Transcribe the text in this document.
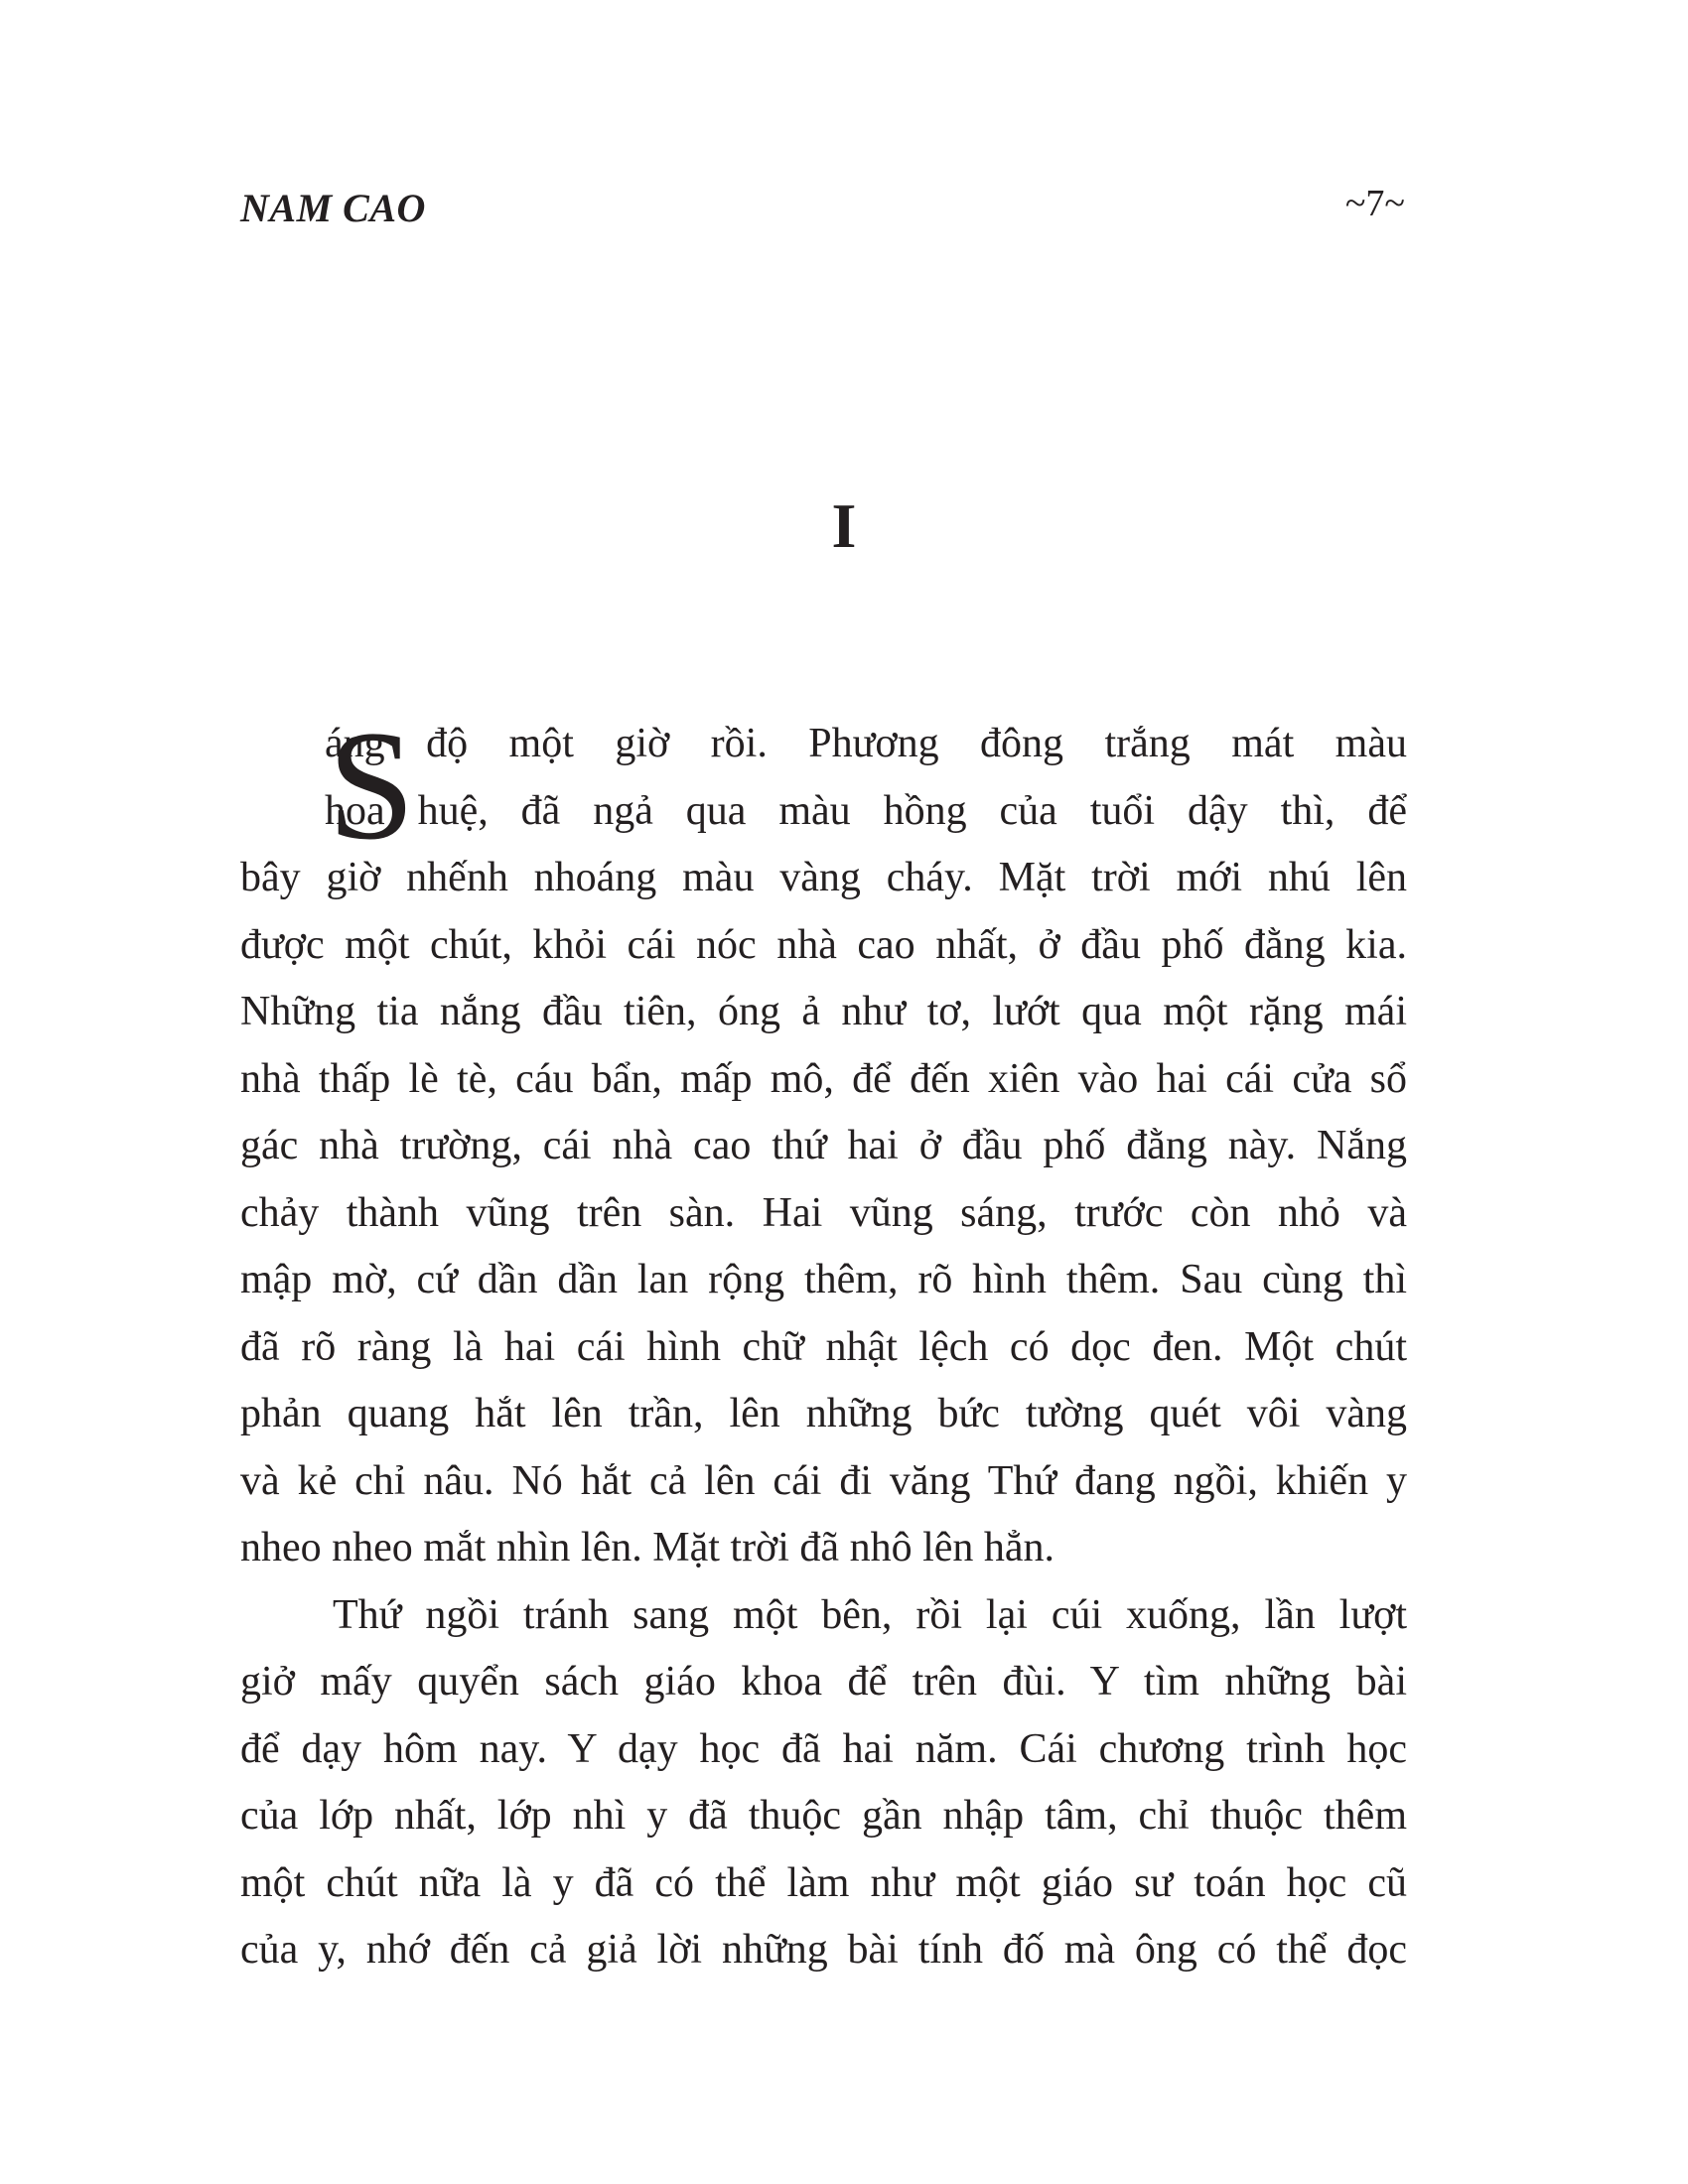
NAM CAO	~7~
I
S
áng độ một giờ rồi. Phương đông trắng mát màu
hoa huệ, đã ngả qua màu hồng của tuổi dậy thì, để
bây giờ nhếnh nhoáng màu vàng cháy. Mặt trời mới nhú lên
được một chút, khỏi cái nóc nhà cao nhất, ở đầu phố đằng kia.
Những tia nắng đầu tiên, óng ả như tơ, lướt qua một rặng mái
nhà thấp lè tè, cáu bẩn, mấp mô, để đến xiên vào hai cái cửa sổ
gác nhà trường, cái nhà cao thứ hai ở đầu phố đằng này. Nắng
chảy thành vũng trên sàn. Hai vũng sáng, trước còn nhỏ và
mập mờ, cứ dần dần lan rộng thêm, rõ hình thêm. Sau cùng thì
đã rõ ràng là hai cái hình chữ nhật lệch có dọc đen. Một chút
phản quang hắt lên trần, lên những bức tường quét vôi vàng
và kẻ chỉ nâu. Nó hắt cả lên cái đi văng Thứ đang ngồi, khiến y
nheo nheo mắt nhìn lên. Mặt trời đã nhô lên hẳn.
Thứ ngồi tránh sang một bên, rồi lại cúi xuống, lần lượt
giở mấy quyển sách giáo khoa để trên đùi. Y tìm những bài
để dạy hôm nay. Y dạy học đã hai năm. Cái chương trình học
của lớp nhất, lớp nhì y đã thuộc gần nhập tâm, chỉ thuộc thêm
một chút nữa là y đã có thể làm như một giáo sư toán học cũ
của y, nhớ đến cả giả lời những bài tính đố mà ông có thể đọc
